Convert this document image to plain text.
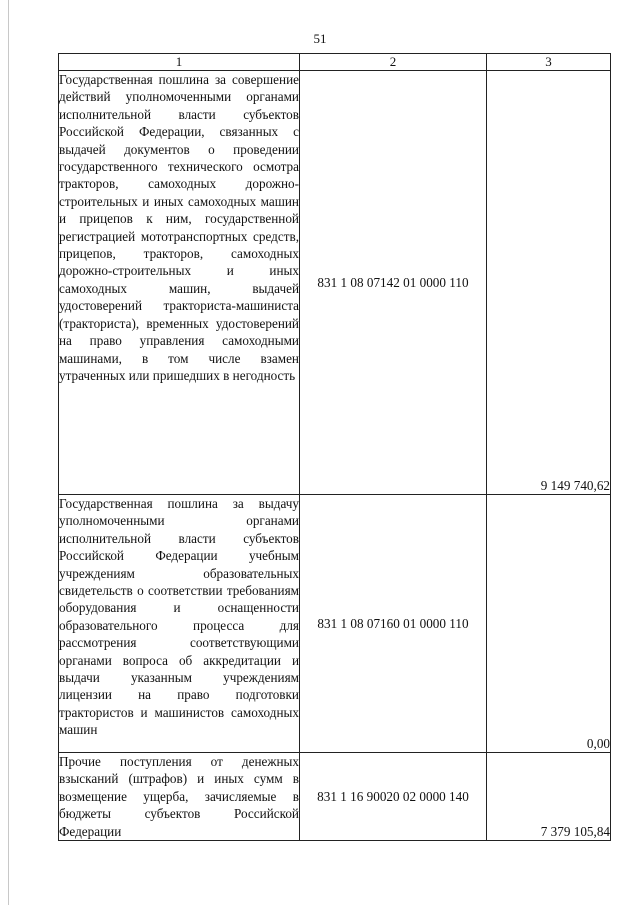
51
1	2	3
Государственная пошлина за совершение действий уполномоченными органами исполнительной власти субъектов Российской Федерации, связанных с выдачей документов о проведении государственного технического осмотра тракторов, самоходных дорожно-строительных и иных самоходных машин и прицепов к ним, государственной регистрацией мототранспортных средств, прицепов, тракторов, самоходных дорожно-строительных и иных самоходных машин, выдачей удостоверений тракториста-машиниста (тракториста), временных удостоверений на право управления самоходными машинами, в том числе взамен утраченных или пришедших в негодность	831 1 08 07142 01 0000 110	9 149 740,62
Государственная пошлина за выдачу уполномоченными органами исполнительной власти субъектов Российской Федерации учебным учреждениям образовательных свидетельств о соответствии требованиям оборудования и оснащенности образовательного процесса для рассмотрения соответствующими органами вопроса об аккредитации и выдачи указанным учреждениям лицензии на право подготовки трактористов и машинистов самоходных машин	831 1 08 07160 01 0000 110	0,00
Прочие поступления от денежных взысканий (штрафов) и иных сумм в возмещение ущерба, зачисляемые в бюджеты субъектов Российской Федерации	831 1 16 90020 02 0000 140	7 379 105,84
